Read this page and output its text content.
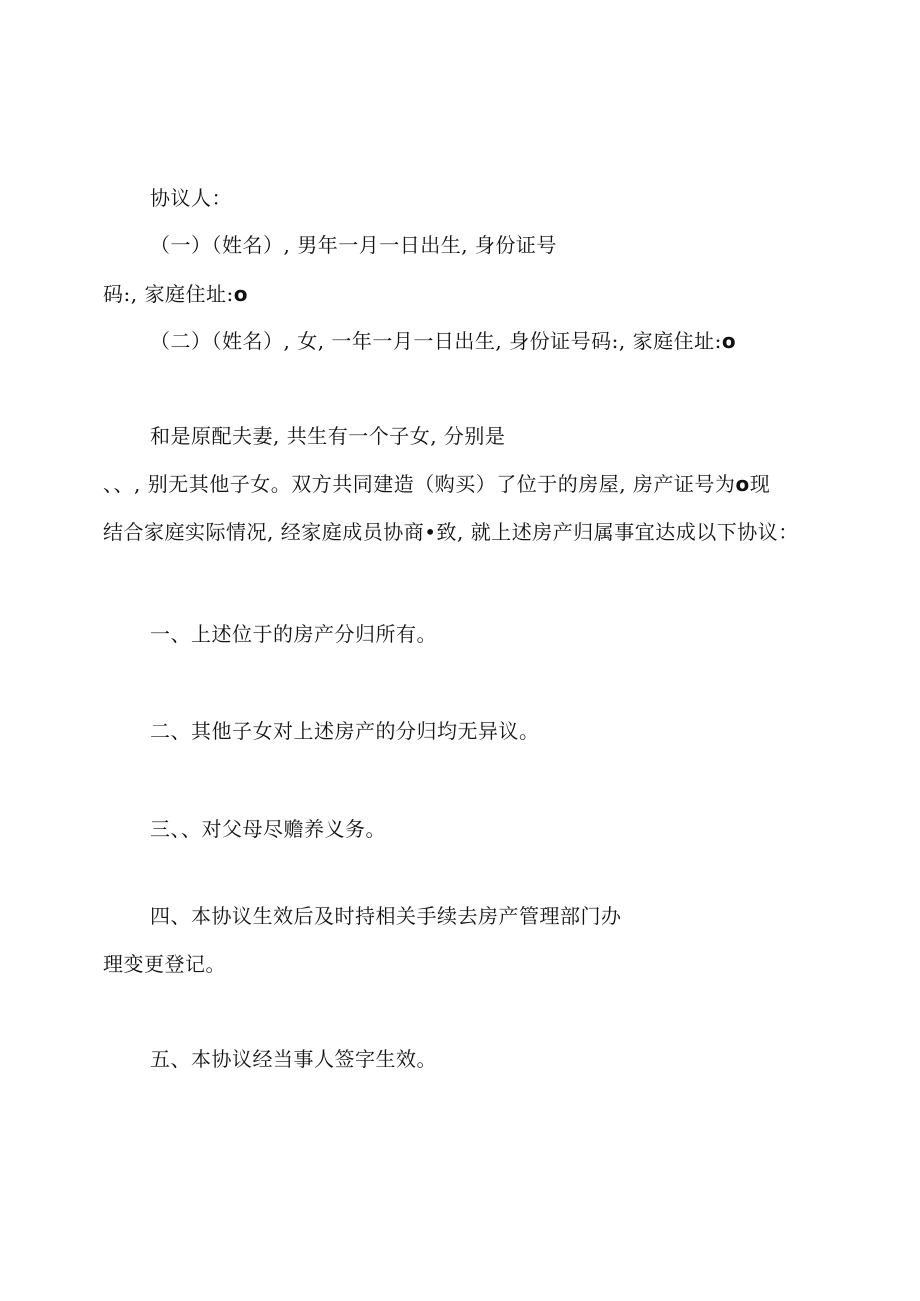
协议人：
（一）（姓名）, 男年一月一日出生, 身份证号
码:, 家庭住址:o
（二）（姓名）, 女, 一年一月一日出生, 身份证号码:, 家庭住址:o
和是原配夫妻, 共生有一个子女, 分别是
、、, 别无其他子女。双方共同建造（购买）了位于的房屋, 房产证号为o现
结合家庭实际情况, 经家庭成员协商•致, 就上述房产归属事宜达成以下协议：
一、上述位于的房产分归所有。
二、其他子女对上述房产的分归均无异议。
三、、对父母尽赡养义务。
四、本协议生效后及时持相关手续去房产管理部门办
理变更登记。
五、本协议经当事人签字生效。
